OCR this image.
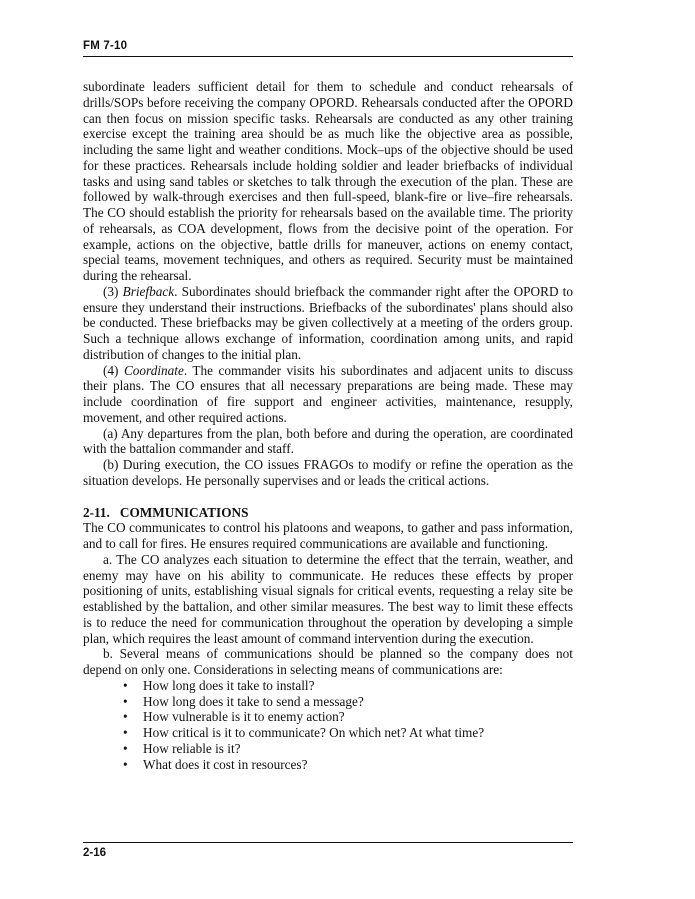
FM 7-10

subordinate leaders sufficient detail for them to schedule and conduct rehearsals of drills/SOPs before receiving the company OPORD. Rehearsals conducted after the OPORD can then focus on mission specific tasks. Rehearsals are conducted as any other training exercise except the training area should be as much like the objective area as possible, including the same light and weather conditions. Mock–ups of the objective should be used for these practices. Rehearsals include holding soldier and leader briefbacks of individual tasks and using sand tables or sketches to talk through the execution of the plan. These are followed by walk-through exercises and then full-speed, blank-fire or live–fire rehearsals. The CO should establish the priority for rehearsals based on the available time. The priority of rehearsals, as COA development, flows from the decisive point of the operation. For example, actions on the objective, battle drills for maneuver, actions on enemy contact, special teams, movement techniques, and others as required. Security must be maintained during the rehearsal.

(3) Briefback. Subordinates should briefback the commander right after the OPORD to ensure they understand their instructions. Briefbacks of the subordinates' plans should also be conducted. These briefbacks may be given collectively at a meeting of the orders group. Such a technique allows exchange of information, coordination among units, and rapid distribution of changes to the initial plan.

(4) Coordinate. The commander visits his subordinates and adjacent units to discuss their plans. The CO ensures that all necessary preparations are being made. These may include coordination of fire support and engineer activities, maintenance, resupply, movement, and other required actions.

(a) Any departures from the plan, both before and during the operation, are coordinated with the battalion commander and staff.

(b) During execution, the CO issues FRAGOs to modify or refine the operation as the situation develops. He personally supervises and or leads the critical actions.

2-11. COMMUNICATIONS

The CO communicates to control his platoons and weapons, to gather and pass information, and to call for fires. He ensures required communications are available and functioning.

a. The CO analyzes each situation to determine the effect that the terrain, weather, and enemy may have on his ability to communicate. He reduces these effects by proper positioning of units, establishing visual signals for critical events, requesting a relay site be established by the battalion, and other similar measures. The best way to limit these effects is to reduce the need for communication throughout the operation by developing a simple plan, which requires the least amount of command intervention during the execution.

b. Several means of communications should be planned so the company does not depend on only one. Considerations in selecting means of communications are:

• How long does it take to install?
• How long does it take to send a message?
• How vulnerable is it to enemy action?
• How critical is it to communicate? On which net? At what time?
• How reliable is it?
• What does it cost in resources?
2-16
